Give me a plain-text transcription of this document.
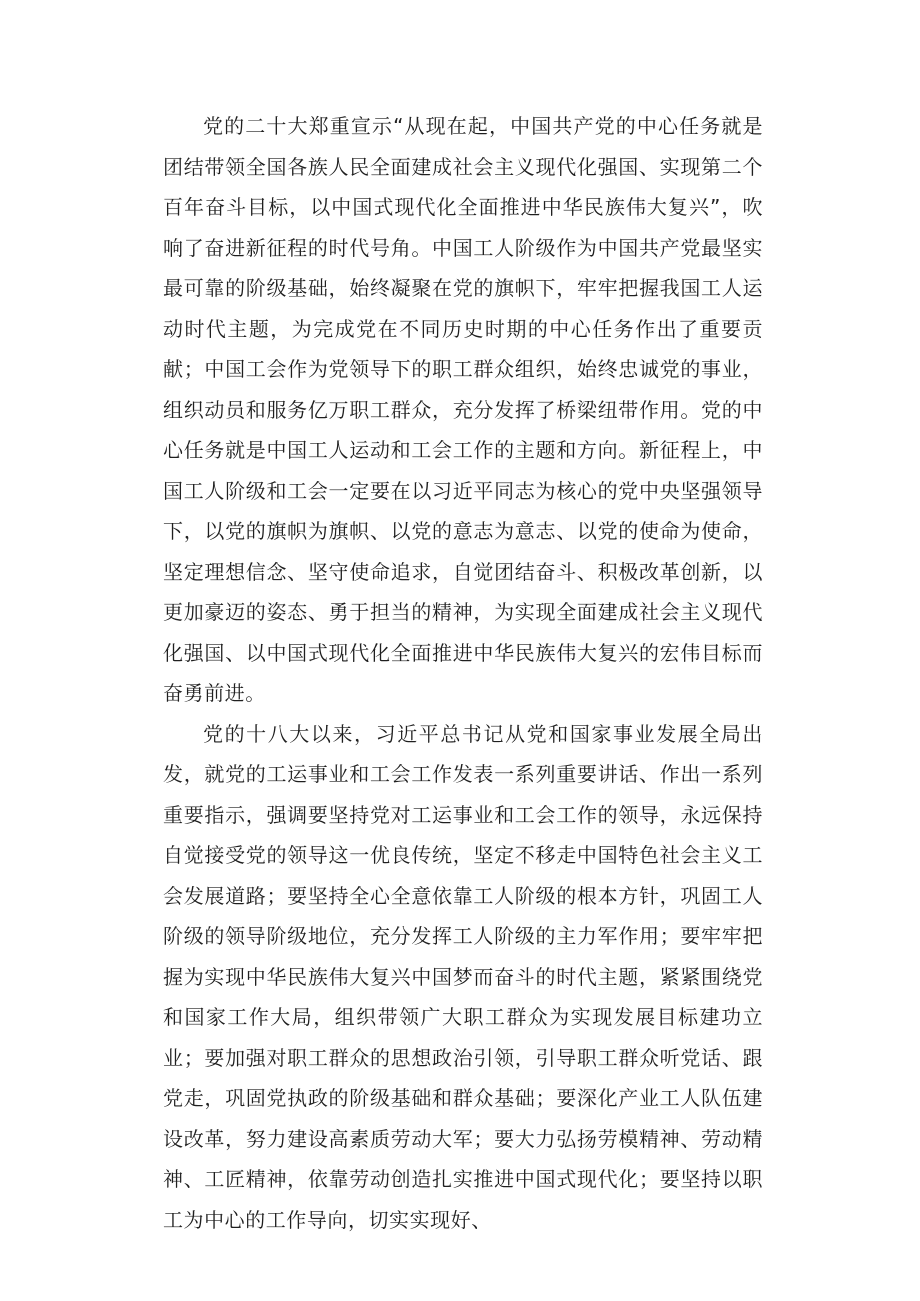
党的二十大郑重宣示“从现在起，中国共产党的中心任务就是团结带领全国各族人民全面建成社会主义现代化强国、实现第二个百年奋斗目标，以中国式现代化全面推进中华民族伟大复兴”，吹响了奋进新征程的时代号角。中国工人阶级作为中国共产党最坚实最可靠的阶级基础，始终凝聚在党的旗帜下，牢牢把握我国工人运动时代主题，为完成党在不同历史时期的中心任务作出了重要贡献；中国工会作为党领导下的职工群众组织，始终忠诚党的事业，组织动员和服务亿万职工群众，充分发挥了桥梁纽带作用。党的中心任务就是中国工人运动和工会工作的主题和方向。新征程上，中国工人阶级和工会一定要在以习近平同志为核心的党中央坚强领导下，以党的旗帜为旗帜、以党的意志为意志、以党的使命为使命，坚定理想信念、坚守使命追求，自觉团结奋斗、积极改革创新，以更加豪迈的姿态、勇于担当的精神，为实现全面建成社会主义现代化强国、以中国式现代化全面推进中华民族伟大复兴的宏伟目标而奋勇前进。

党的十八大以来，习近平总书记从党和国家事业发展全局出发，就党的工运事业和工会工作发表一系列重要讲话、作出一系列重要指示，强调要坚持党对工运事业和工会工作的领导，永远保持自觉接受党的领导这一优良传统，坚定不移走中国特色社会主义工会发展道路；要坚持全心全意依靠工人阶级的根本方针，巩固工人阶级的领导阶级地位，充分发挥工人阶级的主力军作用；要牢牢把握为实现中华民族伟大复兴中国梦而奋斗的时代主题，紧紧围绕党和国家工作大局，组织带领广大职工群众为实现发展目标建功立业；要加强对职工群众的思想政治引领，引导职工群众听党话、跟党走，巩固党执政的阶级基础和群众基础；要深化产业工人队伍建设改革，努力建设高素质劳动大军；要大力弘扬劳模精神、劳动精神、工匠精神，依靠劳动创造扎实推进中国式现代化；要坚持以职工为中心的工作导向，切实实现好、
